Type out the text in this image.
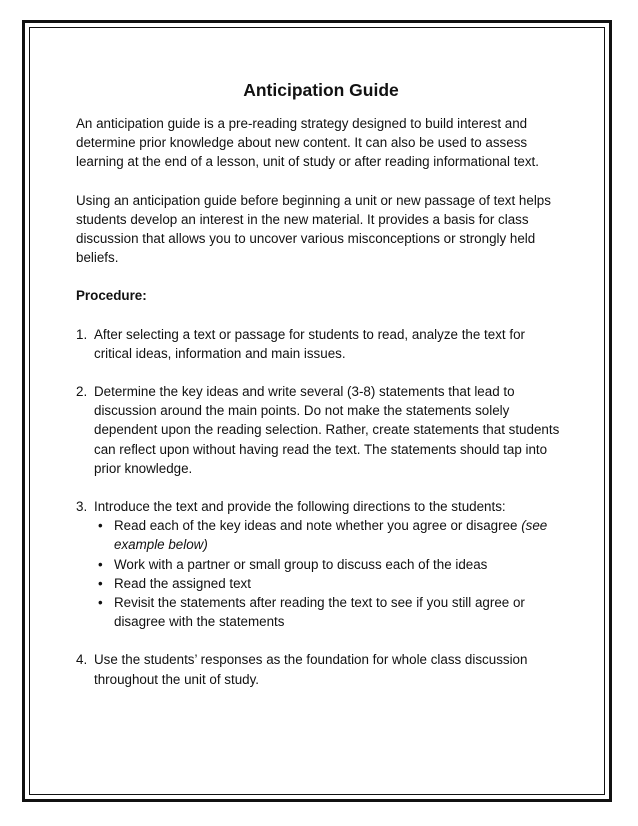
Anticipation Guide

An anticipation guide is a pre-reading strategy designed to build interest and determine prior knowledge about new content. It can also be used to assess learning at the end of a lesson, unit of study or after reading informational text.

Using an anticipation guide before beginning a unit or new passage of text helps students develop an interest in the new material. It provides a basis for class discussion that allows you to uncover various misconceptions or strongly held beliefs.

Procedure:

1. After selecting a text or passage for students to read, analyze the text for critical ideas, information and main issues.
2. Determine the key ideas and write several (3-8) statements that lead to discussion around the main points. Do not make the statements solely dependent upon the reading selection. Rather, create statements that students can reflect upon without having read the text. The statements should tap into prior knowledge.
3. Introduce the text and provide the following directions to the students:
• Read each of the key ideas and note whether you agree or disagree (see example below)
• Work with a partner or small group to discuss each of the ideas
• Read the assigned text
• Revisit the statements after reading the text to see if you still agree or disagree with the statements
4. Use the students’ responses as the foundation for whole class discussion throughout the unit of study.
